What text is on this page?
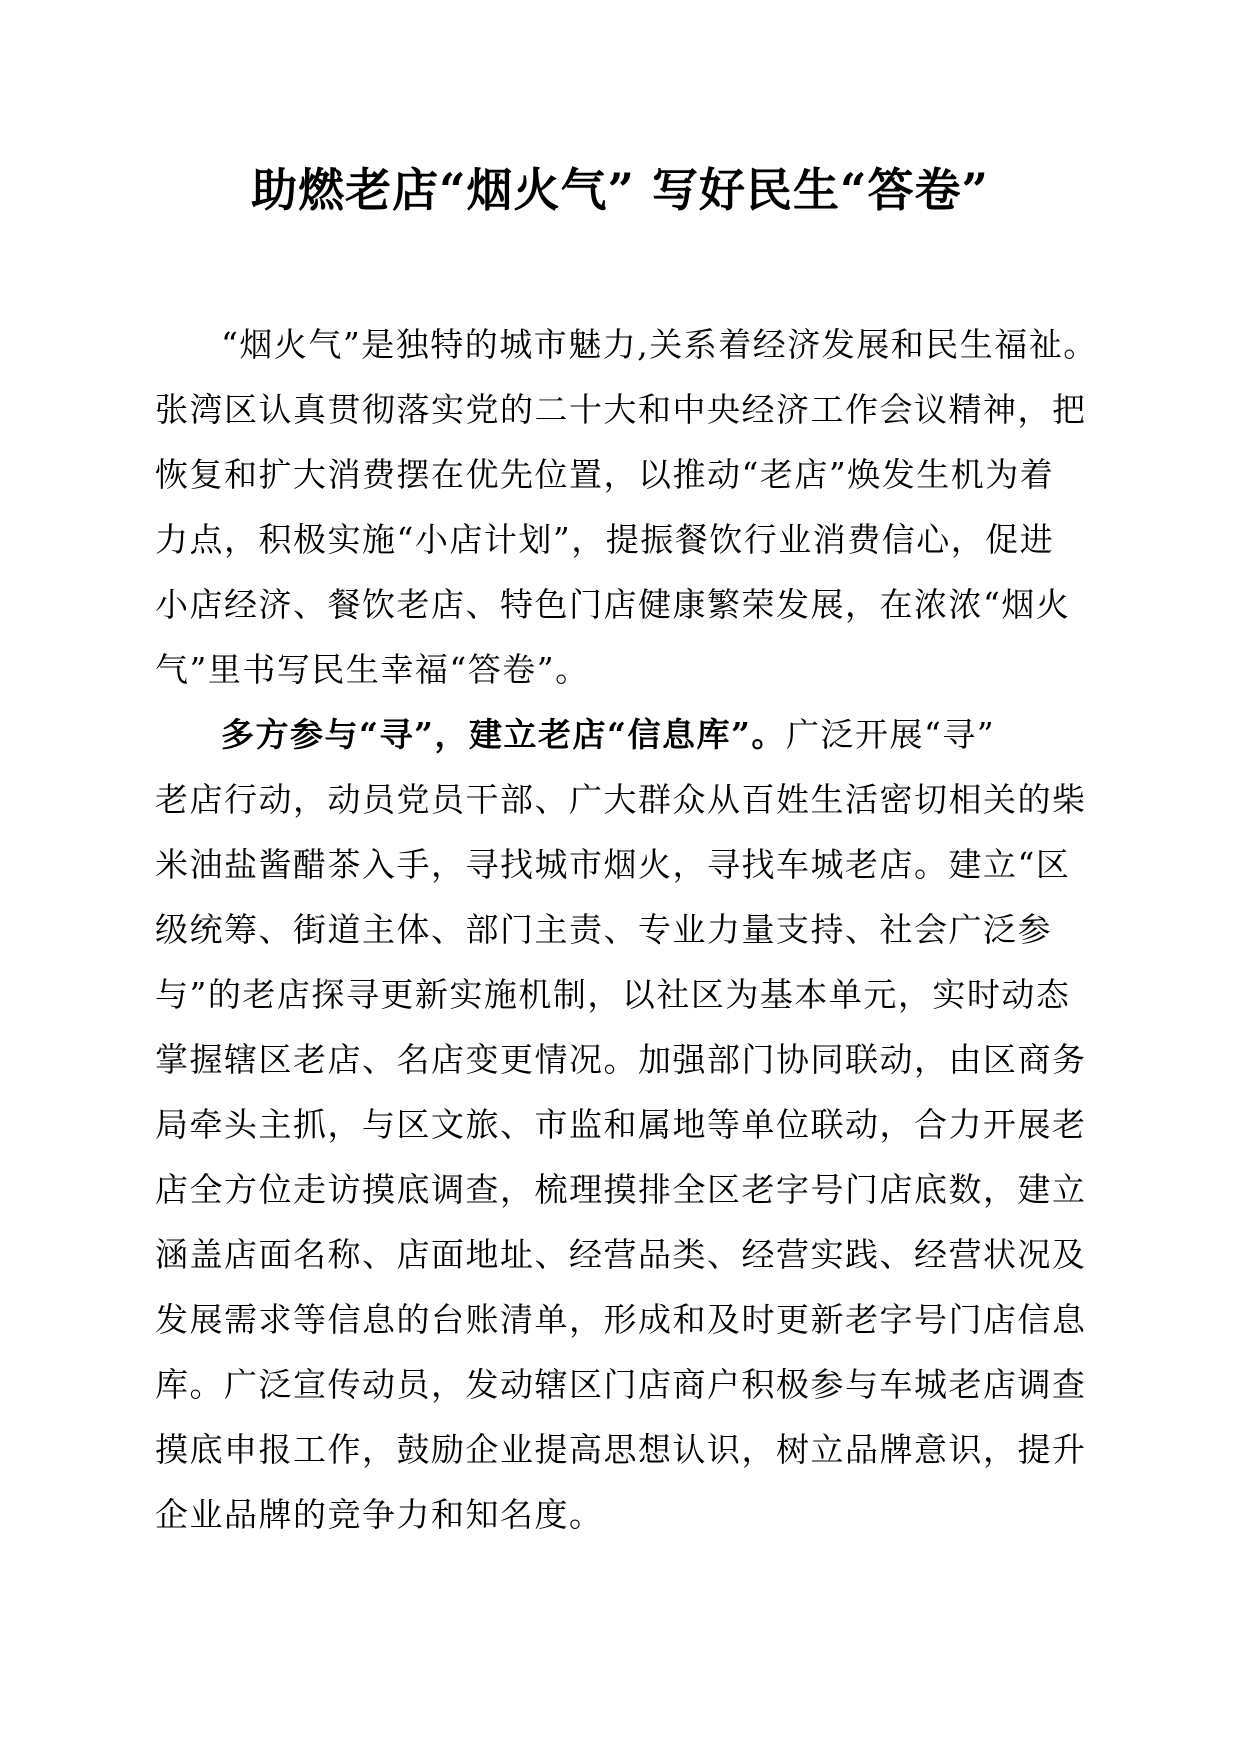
助燃老店“烟火气” 写好民生“答卷”
“烟火气”是独特的城市魅力,关系着经济发展和民生福祉。
张湾区认真贯彻落实党的二十大和中央经济工作会议精神，把
恢复和扩大消费摆在优先位置，以推动“老店”焕发生机为着
力点，积极实施“小店计划”，提振餐饮行业消费信心，促进
小店经济、餐饮老店、特色门店健康繁荣发展，在浓浓“烟火
气”里书写民生幸福“答卷”。
多方参与“寻”，建立老店“信息库”。广泛开展“寻”
老店行动，动员党员干部、广大群众从百姓生活密切相关的柴
米油盐酱醋茶入手，寻找城市烟火，寻找车城老店。建立“区
级统筹、街道主体、部门主责、专业力量支持、社会广泛参
与”的老店探寻更新实施机制，以社区为基本单元，实时动态
掌握辖区老店、名店变更情况。加强部门协同联动，由区商务
局牵头主抓，与区文旅、市监和属地等单位联动，合力开展老
店全方位走访摸底调查，梳理摸排全区老字号门店底数，建立
涵盖店面名称、店面地址、经营品类、经营实践、经营状况及
发展需求等信息的台账清单，形成和及时更新老字号门店信息
库。广泛宣传动员，发动辖区门店商户积极参与车城老店调查
摸底申报工作，鼓励企业提高思想认识，树立品牌意识，提升
企业品牌的竞争力和知名度。
